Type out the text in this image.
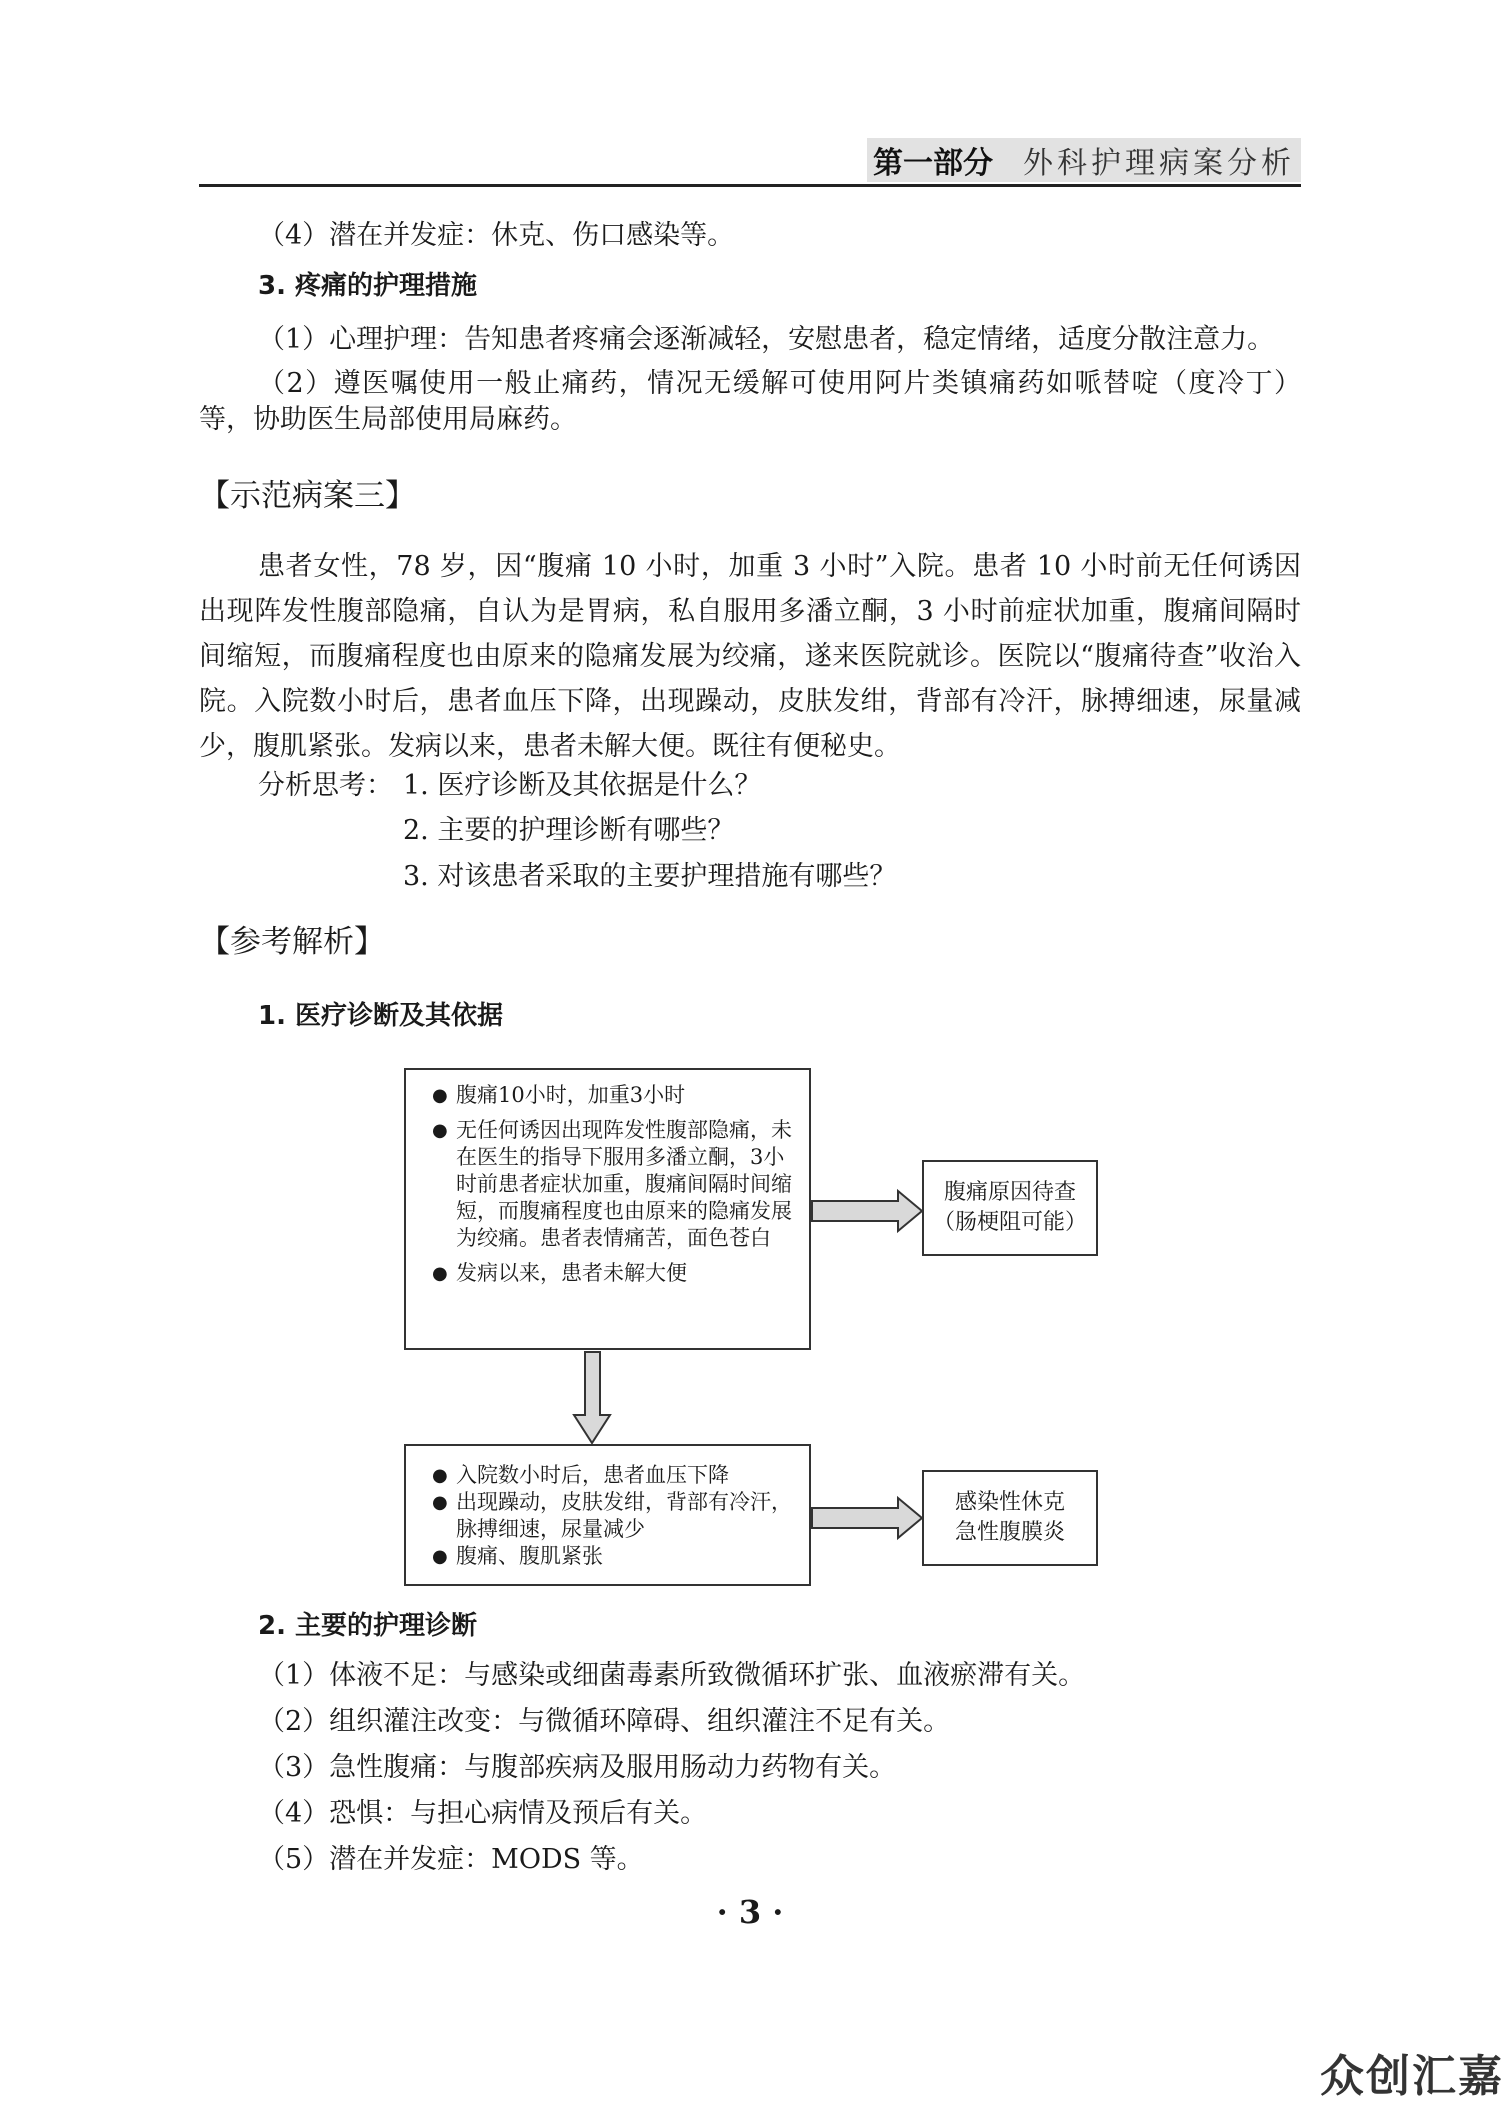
第一部分 外科护理病案分析
（4）潜在并发症：休克、伤口感染等。
3. 疼痛的护理措施
（1）心理护理：告知患者疼痛会逐渐减轻，安慰患者，稳定情绪，适度分散注意力。
（2）遵医嘱使用一般止痛药，情况无缓解可使用阿片类镇痛药如哌替啶（度冷丁）等，协助医生局部使用局麻药。
【示范病案三】
患者女性，78 岁，因“腹痛 10 小时，加重 3 小时”入院。患者 10 小时前无任何诱因出现阵发性腹部隐痛，自认为是胃病，私自服用多潘立酮，3 小时前症状加重，腹痛间隔时间缩短，而腹痛程度也由原来的隐痛发展为绞痛，遂来医院就诊。医院以“腹痛待查”收治入院。入院数小时后，患者血压下降，出现躁动，皮肤发绀，背部有冷汗，脉搏细速，尿量减少，腹肌紧张。发病以来，患者未解大便。既往有便秘史。
分析思考： 1. 医疗诊断及其依据是什么？
2. 主要的护理诊断有哪些？
3. 对该患者采取的主要护理措施有哪些？
【参考解析】
1. 医疗诊断及其依据
● 腹痛10小时，加重3小时
● 无任何诱因出现阵发性腹部隐痛，未在医生的指导下服用多潘立酮，3小时前患者症状加重，腹痛间隔时间缩短，而腹痛程度也由原来的隐痛发展为绞痛。患者表情痛苦，面色苍白
● 发病以来，患者未解大便
腹痛原因待查
（肠梗阻可能）
● 入院数小时后，患者血压下降
● 出现躁动，皮肤发绀，背部有冷汗，脉搏细速，尿量减少
● 腹痛、腹肌紧张
感染性休克
急性腹膜炎
2. 主要的护理诊断
（1）体液不足：与感染或细菌毒素所致微循环扩张、血液瘀滞有关。
（2）组织灌注改变：与微循环障碍、组织灌注不足有关。
（3）急性腹痛：与腹部疾病及服用肠动力药物有关。
（4）恐惧：与担心病情及预后有关。
（5）潜在并发症：MODS 等。
· 3 ·
众创汇嘉
